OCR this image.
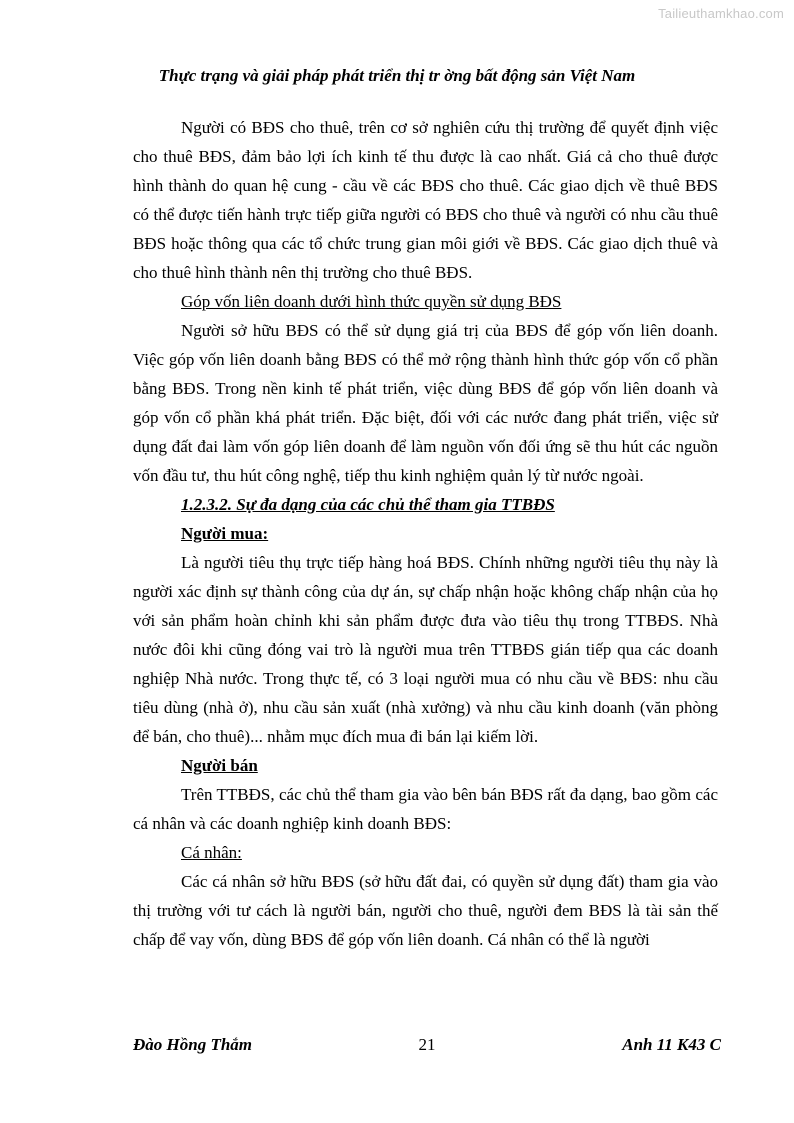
Tailieuthamkhao.com
Thực trạng và giải pháp phát triển thị tr ờng bất động sản Việt Nam

Người có BĐS cho thuê, trên cơ sở nghiên cứu thị trường để quyết định việc cho thuê BĐS, đảm bảo lợi ích kinh tế thu được là cao nhất. Giá cả cho thuê được hình thành do quan hệ cung - cầu về các BĐS cho thuê. Các giao dịch về thuê BĐS có thể được tiến hành trực tiếp giữa người có BĐS cho thuê và người có nhu cầu thuê BĐS hoặc thông qua các tổ chức trung gian môi giới về BĐS. Các giao dịch thuê và cho thuê hình thành nên thị trường cho thuê BĐS.

Góp vốn liên doanh dưới hình thức quyền sử dụng BĐS

Người sở hữu BĐS có thể sử dụng giá trị của BĐS để góp vốn liên doanh. Việc góp vốn liên doanh bằng BĐS có thể mở rộng thành hình thức góp vốn cổ phần bằng BĐS. Trong nền kinh tế phát triển, việc dùng BĐS để góp vốn liên doanh và góp vốn cổ phần khá phát triển. Đặc biệt, đối với các nước đang phát triển, việc sử dụng đất đai làm vốn góp liên doanh để làm nguồn vốn đối ứng sẽ thu hút các nguồn vốn đầu tư, thu hút công nghệ, tiếp thu kinh nghiệm quản lý từ nước ngoài.

1.2.3.2. Sự đa dạng của các chủ thể tham gia TTBĐS

Người mua:

Là người tiêu thụ trực tiếp hàng hoá BĐS. Chính những người tiêu thụ này là người xác định sự thành công của dự án, sự chấp nhận hoặc không chấp nhận của họ với sản phẩm hoàn chỉnh khi sản phẩm được đưa vào tiêu thụ trong TTBĐS. Nhà nước đôi khi cũng đóng vai trò là người mua trên TTBĐS gián tiếp qua các doanh nghiệp Nhà nước. Trong thực tế, có 3 loại người mua có nhu cầu về BĐS: nhu cầu tiêu dùng (nhà ở), nhu cầu sản xuất (nhà xưởng) và nhu cầu kinh doanh (văn phòng để bán, cho thuê)... nhằm mục đích mua đi bán lại kiếm lời.

Người bán

Trên TTBĐS, các chủ thể tham gia vào bên bán BĐS rất đa dạng, bao gồm các cá nhân và các doanh nghiệp kinh doanh BĐS:

Cá nhân:

Các cá nhân sở hữu BĐS (sở hữu đất đai, có quyền sử dụng đất) tham gia vào thị trường với tư cách là người bán, người cho thuê, người đem BĐS là tài sản thế chấp để vay vốn, dùng BĐS để góp vốn liên doanh. Cá nhân có thể là người

Đào Hồng Thắm	21	Anh 11 K43 C
